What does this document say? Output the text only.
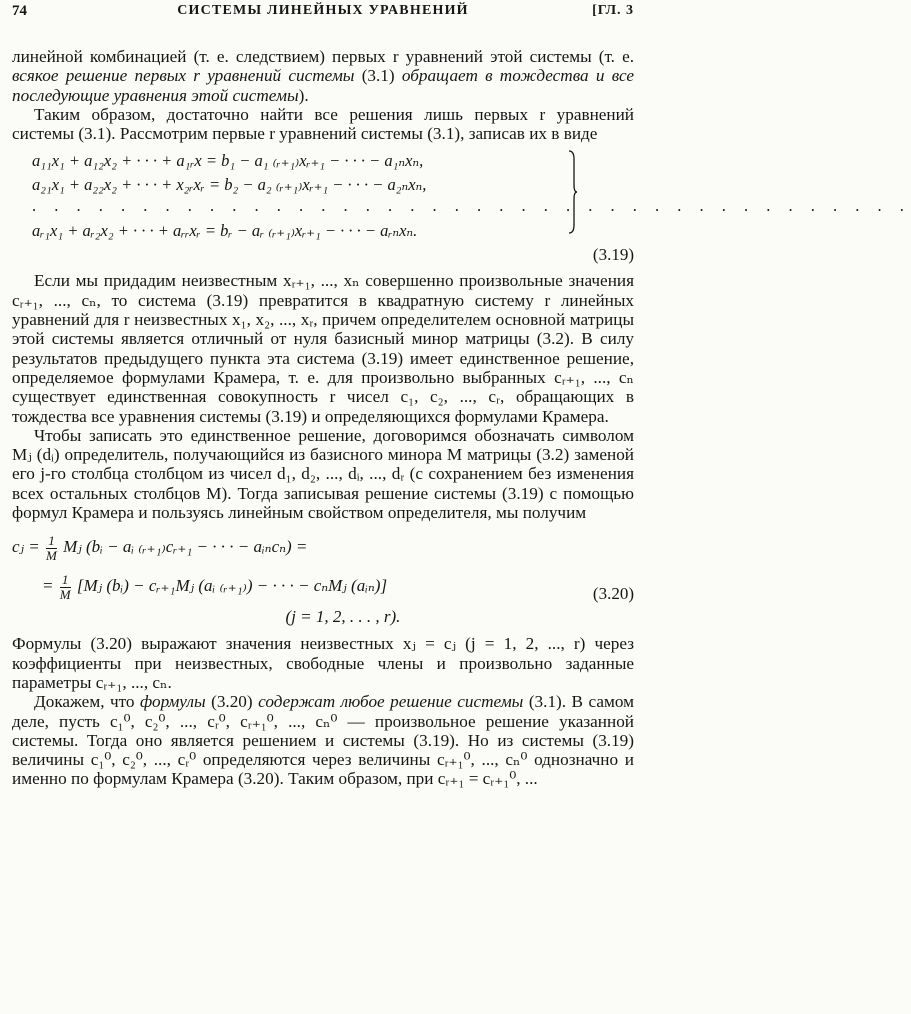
74	СИСТЕМЫ ЛИНЕЙНЫХ УРАВНЕНИЙ	[ГЛ. 3

линейной комбинацией (т. е. следствием) первых r уравнений этой системы (т. е. всякое решение первых r уравнений системы (3.1) обращает в тождества и все последующие уравнения этой системы).

Таким образом, достаточно найти все решения лишь первых r уравнений системы (3.1). Рассмотрим первые r уравнений системы (3.1), записав их в виде

a₁₁x₁ + a₁₂x₂ + · · · + a₁ᵣx = b₁ − a₁ ₍ᵣ₊₁₎xᵣ₊₁ − · · · − a₁ₙxₙ,
a₂₁x₁ + a₂₂x₂ + · · · + x₂ᵣxᵣ = b₂ − a₂ ₍ᵣ₊₁₎xᵣ₊₁ − · · · − a₂ₙxₙ,
. . . . . . . . . . . . . . . . . . . . . . . . . . . . . . . . . . . . . . . .
aᵣ₁x₁ + aᵣ₂x₂ + · · · + aᵣᵣxᵣ = bᵣ − aᵣ ₍ᵣ₊₁₎xᵣ₊₁ − · · · − aᵣₙxₙ.
(3.19)

Если мы придадим неизвестным xᵣ₊₁, ..., xₙ совершенно произвольные значения cᵣ₊₁, ..., cₙ, то система (3.19) превратится в квадратную систему r линейных уравнений для r неизвестных x₁, x₂, ..., xᵣ, причем определителем основной матрицы этой системы является отличный от нуля базисный минор матрицы (3.2). В силу результатов предыдущего пункта эта система (3.19) имеет единственное решение, определяемое формулами Крамера, т. е. для произвольно выбранных cᵣ₊₁, ..., cₙ существует единственная совокупность r чисел c₁, c₂, ..., cᵣ, обращающих в тождества все уравнения системы (3.19) и определяющихся формулами Крамера.

Чтобы записать это единственное решение, договоримся обозначать символом Mⱼ (dᵢ) определитель, получающийся из базисного минора M матрицы (3.2) заменой его j-го столбца столбцом из чисел d₁, d₂, ..., dᵢ, ..., dᵣ (с сохранением без изменения всех остальных столбцов M). Тогда записывая решение системы (3.19) с помощью формул Крамера и пользуясь линейным свойством определителя, мы получим

cⱼ = $\frac{1}{M}$ Mⱼ (bᵢ − aᵢ ₍ᵣ₊₁₎cᵣ₊₁ − · · · − aᵢₙcₙ) =
= $\frac{1}{M}$ [Mⱼ (bᵢ) − cᵣ₊₁Mⱼ (aᵢ ₍ᵣ₊₁₎) − · · · − cₙMⱼ (aᵢₙ)]	(3.20)
(j = 1, 2, . . . , r).

Формулы (3.20) выражают значения неизвестных xⱼ = cⱼ (j = 1, 2, ..., r) через коэффициенты при неизвестных, свободные члены и произвольно заданные параметры cᵣ₊₁, ..., cₙ.

Докажем, что формулы (3.20) содержат любое решение системы (3.1). В самом деле, пусть c₁⁰, c₂⁰, ..., cᵣ⁰, cᵣ₊₁⁰, ..., cₙ⁰ — произвольное решение указанной системы. Тогда оно является решением и системы (3.19). Но из системы (3.19) величины c₁⁰, c₂⁰, ..., cᵣ⁰ определяются через величины cᵣ₊₁⁰, ..., cₙ⁰ однозначно и именно по формулам Крамера (3.20). Таким образом, при cᵣ₊₁ = cᵣ₊₁⁰, ...
